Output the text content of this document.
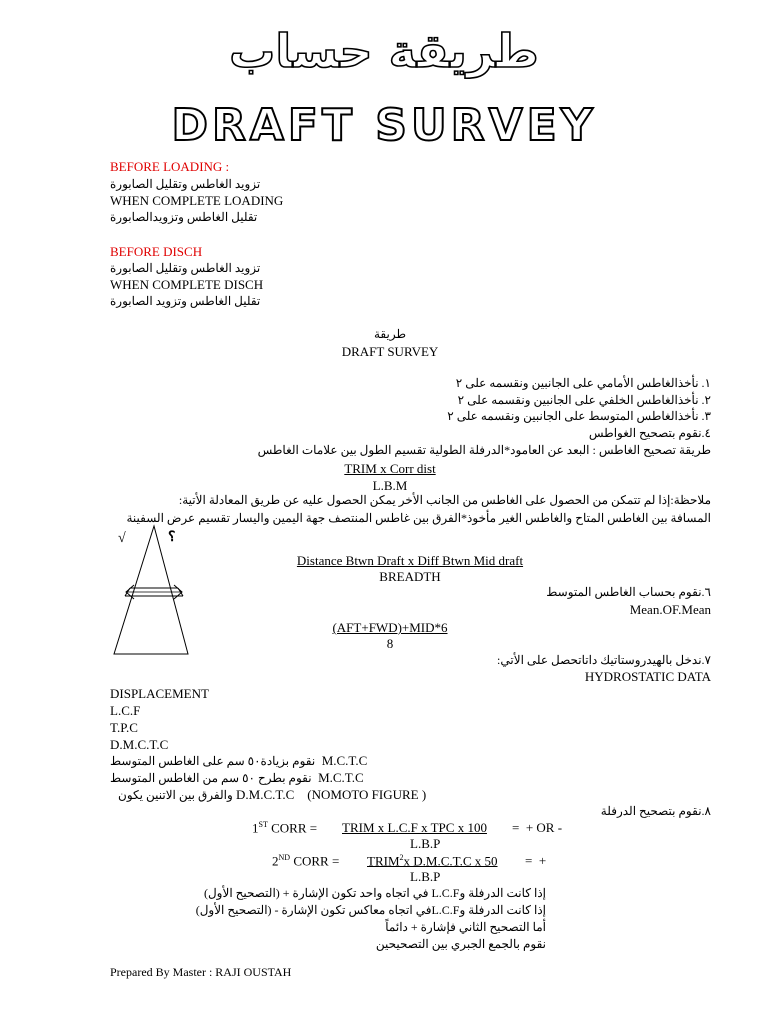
طريقة حساب
DRAFT SURVEY
BEFORE LOADING :
تزويد الغاطس وتقليل الصابورة
WHEN COMPLETE LOADING
تقليل الغاطس وتزويدالصابورة
BEFORE DISCH
تزويد الغاطس وتقليل الصابورة
WHEN COMPLETE DISCH
تقليل الغاطس وتزويد الصابورة
طريقة
DRAFT SURVEY
١. نأخذالغاطس الأمامي على الجانبين ونقسمه على ٢
٢. نأخذالغاطس الخلفي على الجانبين ونقسمه على ٢
٣. نأخذالغاطس المتوسط على الجانبين ونقسمه على ٢
٤.نقوم بتصحيح الغواطس
طريقة تصحيح الغاطس : البعد عن العامود*الدرفلة الطولية تقسيم الطول بين علامات الغاطس
TRIM x Corr dist
L.B.M
ملاحظة:إذا لم تتمكن من الحصول على الغاطس من الجانب الأخر يمكن الحصول عليه عن طريق المعادلة الأتية:
المسافة بين الغاطس المتاح والغاطس الغير مأخوذ*الفرق بين غاطس المنتصف جهة اليمين واليسار تقسيم عرض السفينة
√	؟
Distance Btwn Draft x Diff Btwn Mid draft
BREADTH
٦.نقوم بحساب الغاطس المتوسط
Mean.OF.Mean
(AFT+FWD)+MID*6
8
٧.ندخل بالهيدروستاتيك داتاتحصل على الأتي:
HYDROSTATIC DATA
DISPLACEMENT
L.C.F
T.P.C
D.M.C.T.C
نقوم بزيادة٥٠ سم على الغاطس المتوسط M.C.T.C
نقوم بطرح ٥٠ سم من الغاطس المتوسط M.C.T.C
والفرق بين الاتنين يكون D.M.C.T.C    (NOMOTO FIGURE )
٨.نقوم بتصحيح الدرفلة
1ST CORR = TRIM x L.C.F x TPC x 100 =  + OR -
L.B.P
2ND CORR = $TRIM^2x$ D.M.C.T.C x 50 =  +
L.B.P
إذا كانت الدرفلة وL.C.F في اتجاه واحد تكون الإشارة + (التصحيح الأول)
إذا كانت الدرفلة وL.C.Fفي اتجاه معاكس تكون الإشارة - (التصحيح الأول)
أما التصحيح الثاني فإشارة + دائماً
نقوم بالجمع الجبري بين التصحيحين
Prepared By Master : RAJI OUSTAH
